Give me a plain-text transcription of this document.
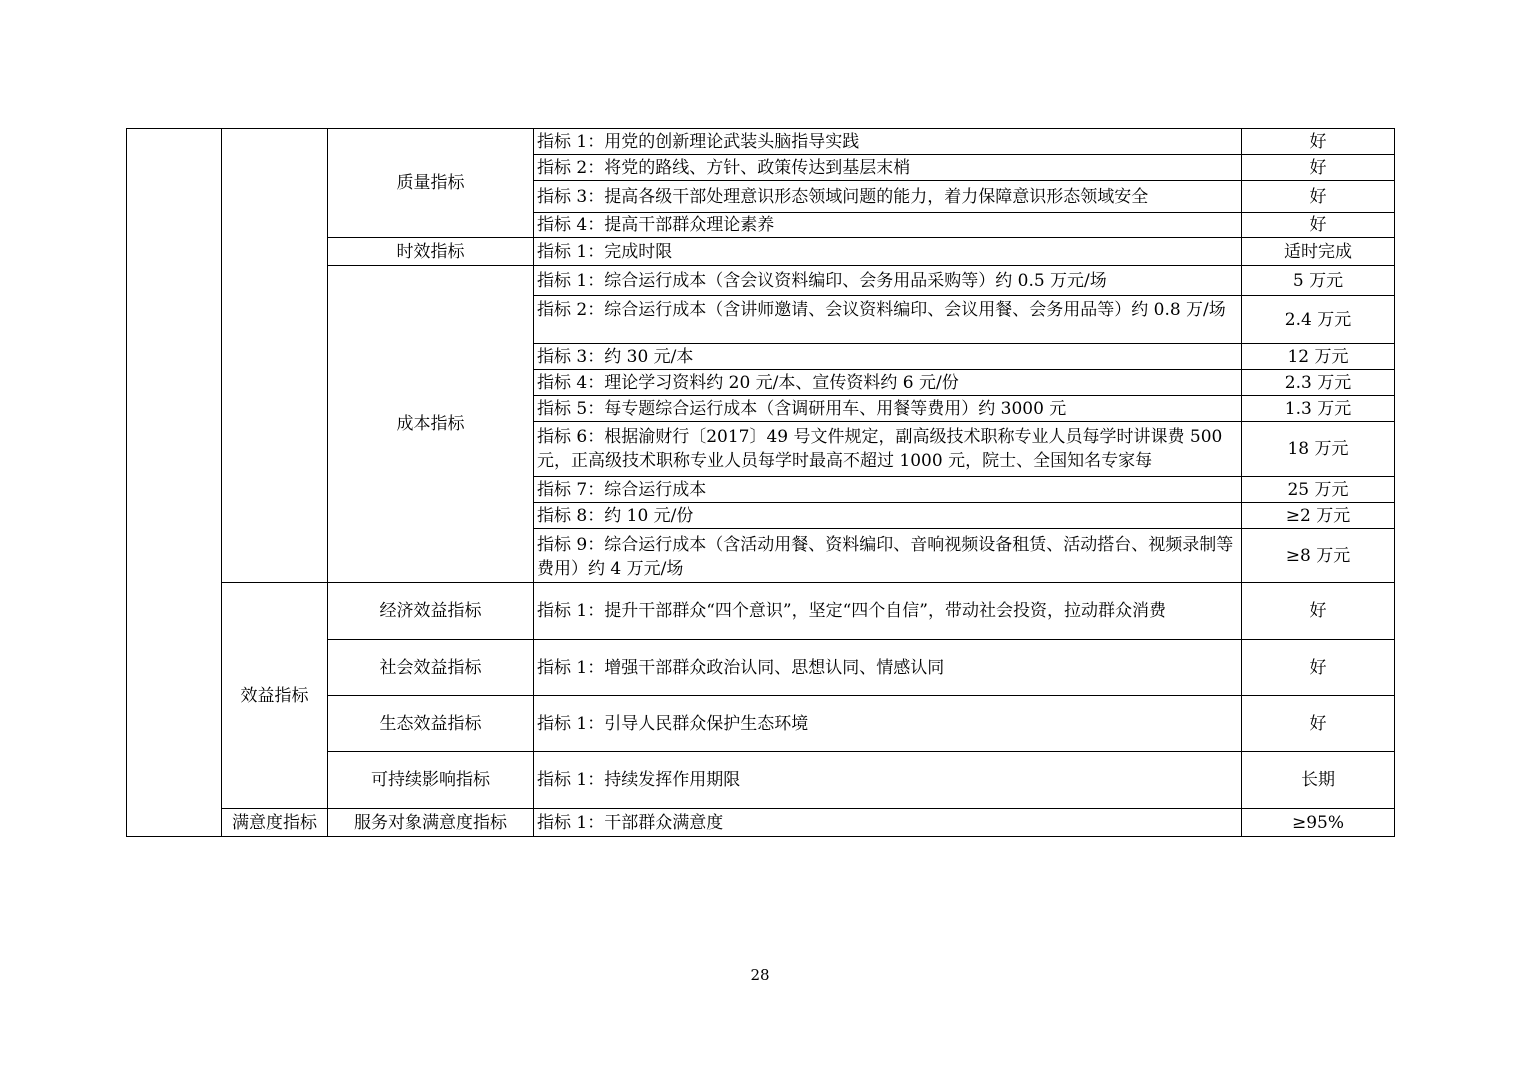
		质量指标	指标 1：用党的创新理论武装头脑指导实践	好
			指标 2：将党的路线、方针、政策传达到基层末梢	好
			指标 3：提高各级干部处理意识形态领域问题的能力，着力保障意识形态领域安全	好
			指标 4：提高干部群众理论素养	好
		时效指标	指标 1：完成时限	适时完成
		成本指标	指标 1：综合运行成本（含会议资料编印、会务用品采购等）约 0.5 万元/场	5 万元

			指标 2：综合运行成本（含讲师邀请、会议资料编印、会议用餐、会务用品等）约 0.8 万/场	2.4 万元
			指标 3：约 30 元/本	12 万元
			指标 4：理论学习资料约 20 元/本、宣传资料约 6 元/份	2.3 万元
			指标 5：每专题综合运行成本（含调研用车、用餐等费用）约 3000 元	1.3 万元

			指标 6：根据渝财行〔2017〕49 号文件规定，副高级技术职称专业人员每学时讲课费 500 元，正高级技术职称专业人员每学时最高不超过 1000 元，院士、全国知名专家每	18 万元
			指标 7：综合运行成本	25 万元
			指标 8：约 10 元/份	≥2 万元

			指标 9：综合运行成本（含活动用餐、资料编印、音响视频设备租赁、活动搭台、视频录制等费用）约 4 万元/场	≥8 万元
	效益指标	经济效益指标	指标 1：提升干部群众“四个意识”，坚定“四个自信”，带动社会投资，拉动群众消费	好
		社会效益指标	指标 1：增强干部群众政治认同、思想认同、情感认同	好
		生态效益指标	指标 1：引导人民群众保护生态环境	好
		可持续影响指标	指标 1：持续发挥作用期限	长期
	满意度指标	服务对象满意度指标	指标 1：干部群众满意度	≥95%
28
